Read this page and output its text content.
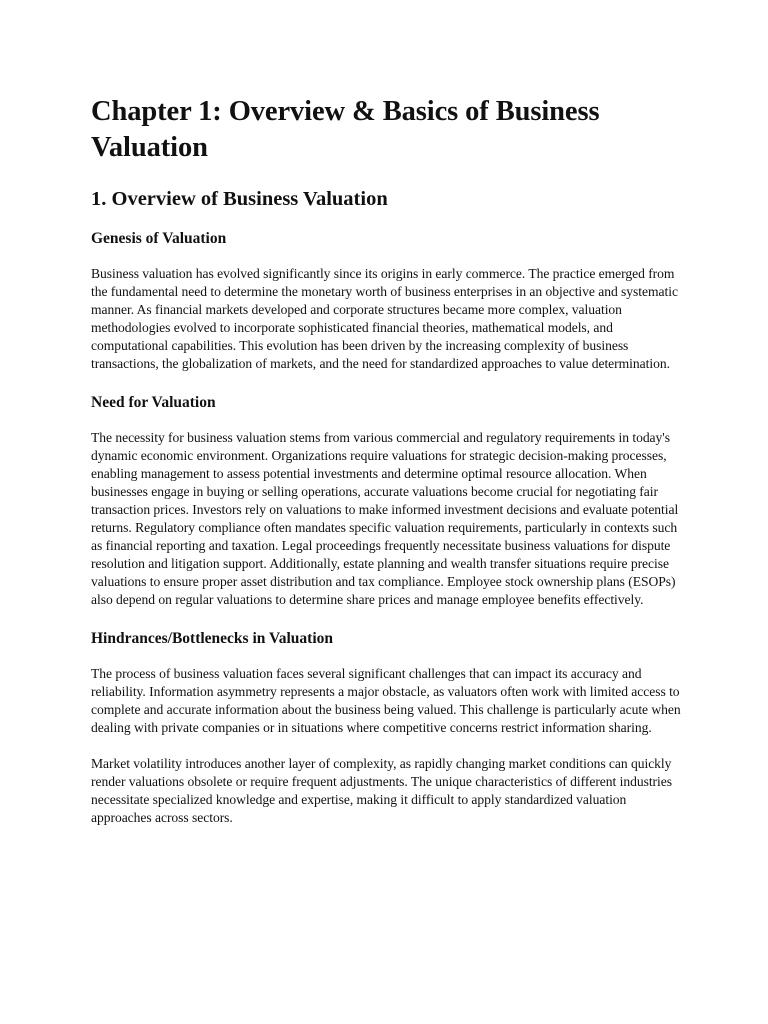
Chapter 1: Overview & Basics of Business Valuation
1. Overview of Business Valuation
Genesis of Valuation

Business valuation has evolved significantly since its origins in early commerce. The practice emerged from the fundamental need to determine the monetary worth of business enterprises in an objective and systematic manner. As financial markets developed and corporate structures became more complex, valuation methodologies evolved to incorporate sophisticated financial theories, mathematical models, and computational capabilities. This evolution has been driven by the increasing complexity of business transactions, the globalization of markets, and the need for standardized approaches to value determination.

Need for Valuation

The necessity for business valuation stems from various commercial and regulatory requirements in today's dynamic economic environment. Organizations require valuations for strategic decision-making processes, enabling management to assess potential investments and determine optimal resource allocation. When businesses engage in buying or selling operations, accurate valuations become crucial for negotiating fair transaction prices. Investors rely on valuations to make informed investment decisions and evaluate potential returns. Regulatory compliance often mandates specific valuation requirements, particularly in contexts such as financial reporting and taxation. Legal proceedings frequently necessitate business valuations for dispute resolution and litigation support. Additionally, estate planning and wealth transfer situations require precise valuations to ensure proper asset distribution and tax compliance. Employee stock ownership plans (ESOPs) also depend on regular valuations to determine share prices and manage employee benefits effectively.

Hindrances/Bottlenecks in Valuation

The process of business valuation faces several significant challenges that can impact its accuracy and reliability. Information asymmetry represents a major obstacle, as valuators often work with limited access to complete and accurate information about the business being valued. This challenge is particularly acute when dealing with private companies or in situations where competitive concerns restrict information sharing.

Market volatility introduces another layer of complexity, as rapidly changing market conditions can quickly render valuations obsolete or require frequent adjustments. The unique characteristics of different industries necessitate specialized knowledge and expertise, making it difficult to apply standardized valuation approaches across sectors.
